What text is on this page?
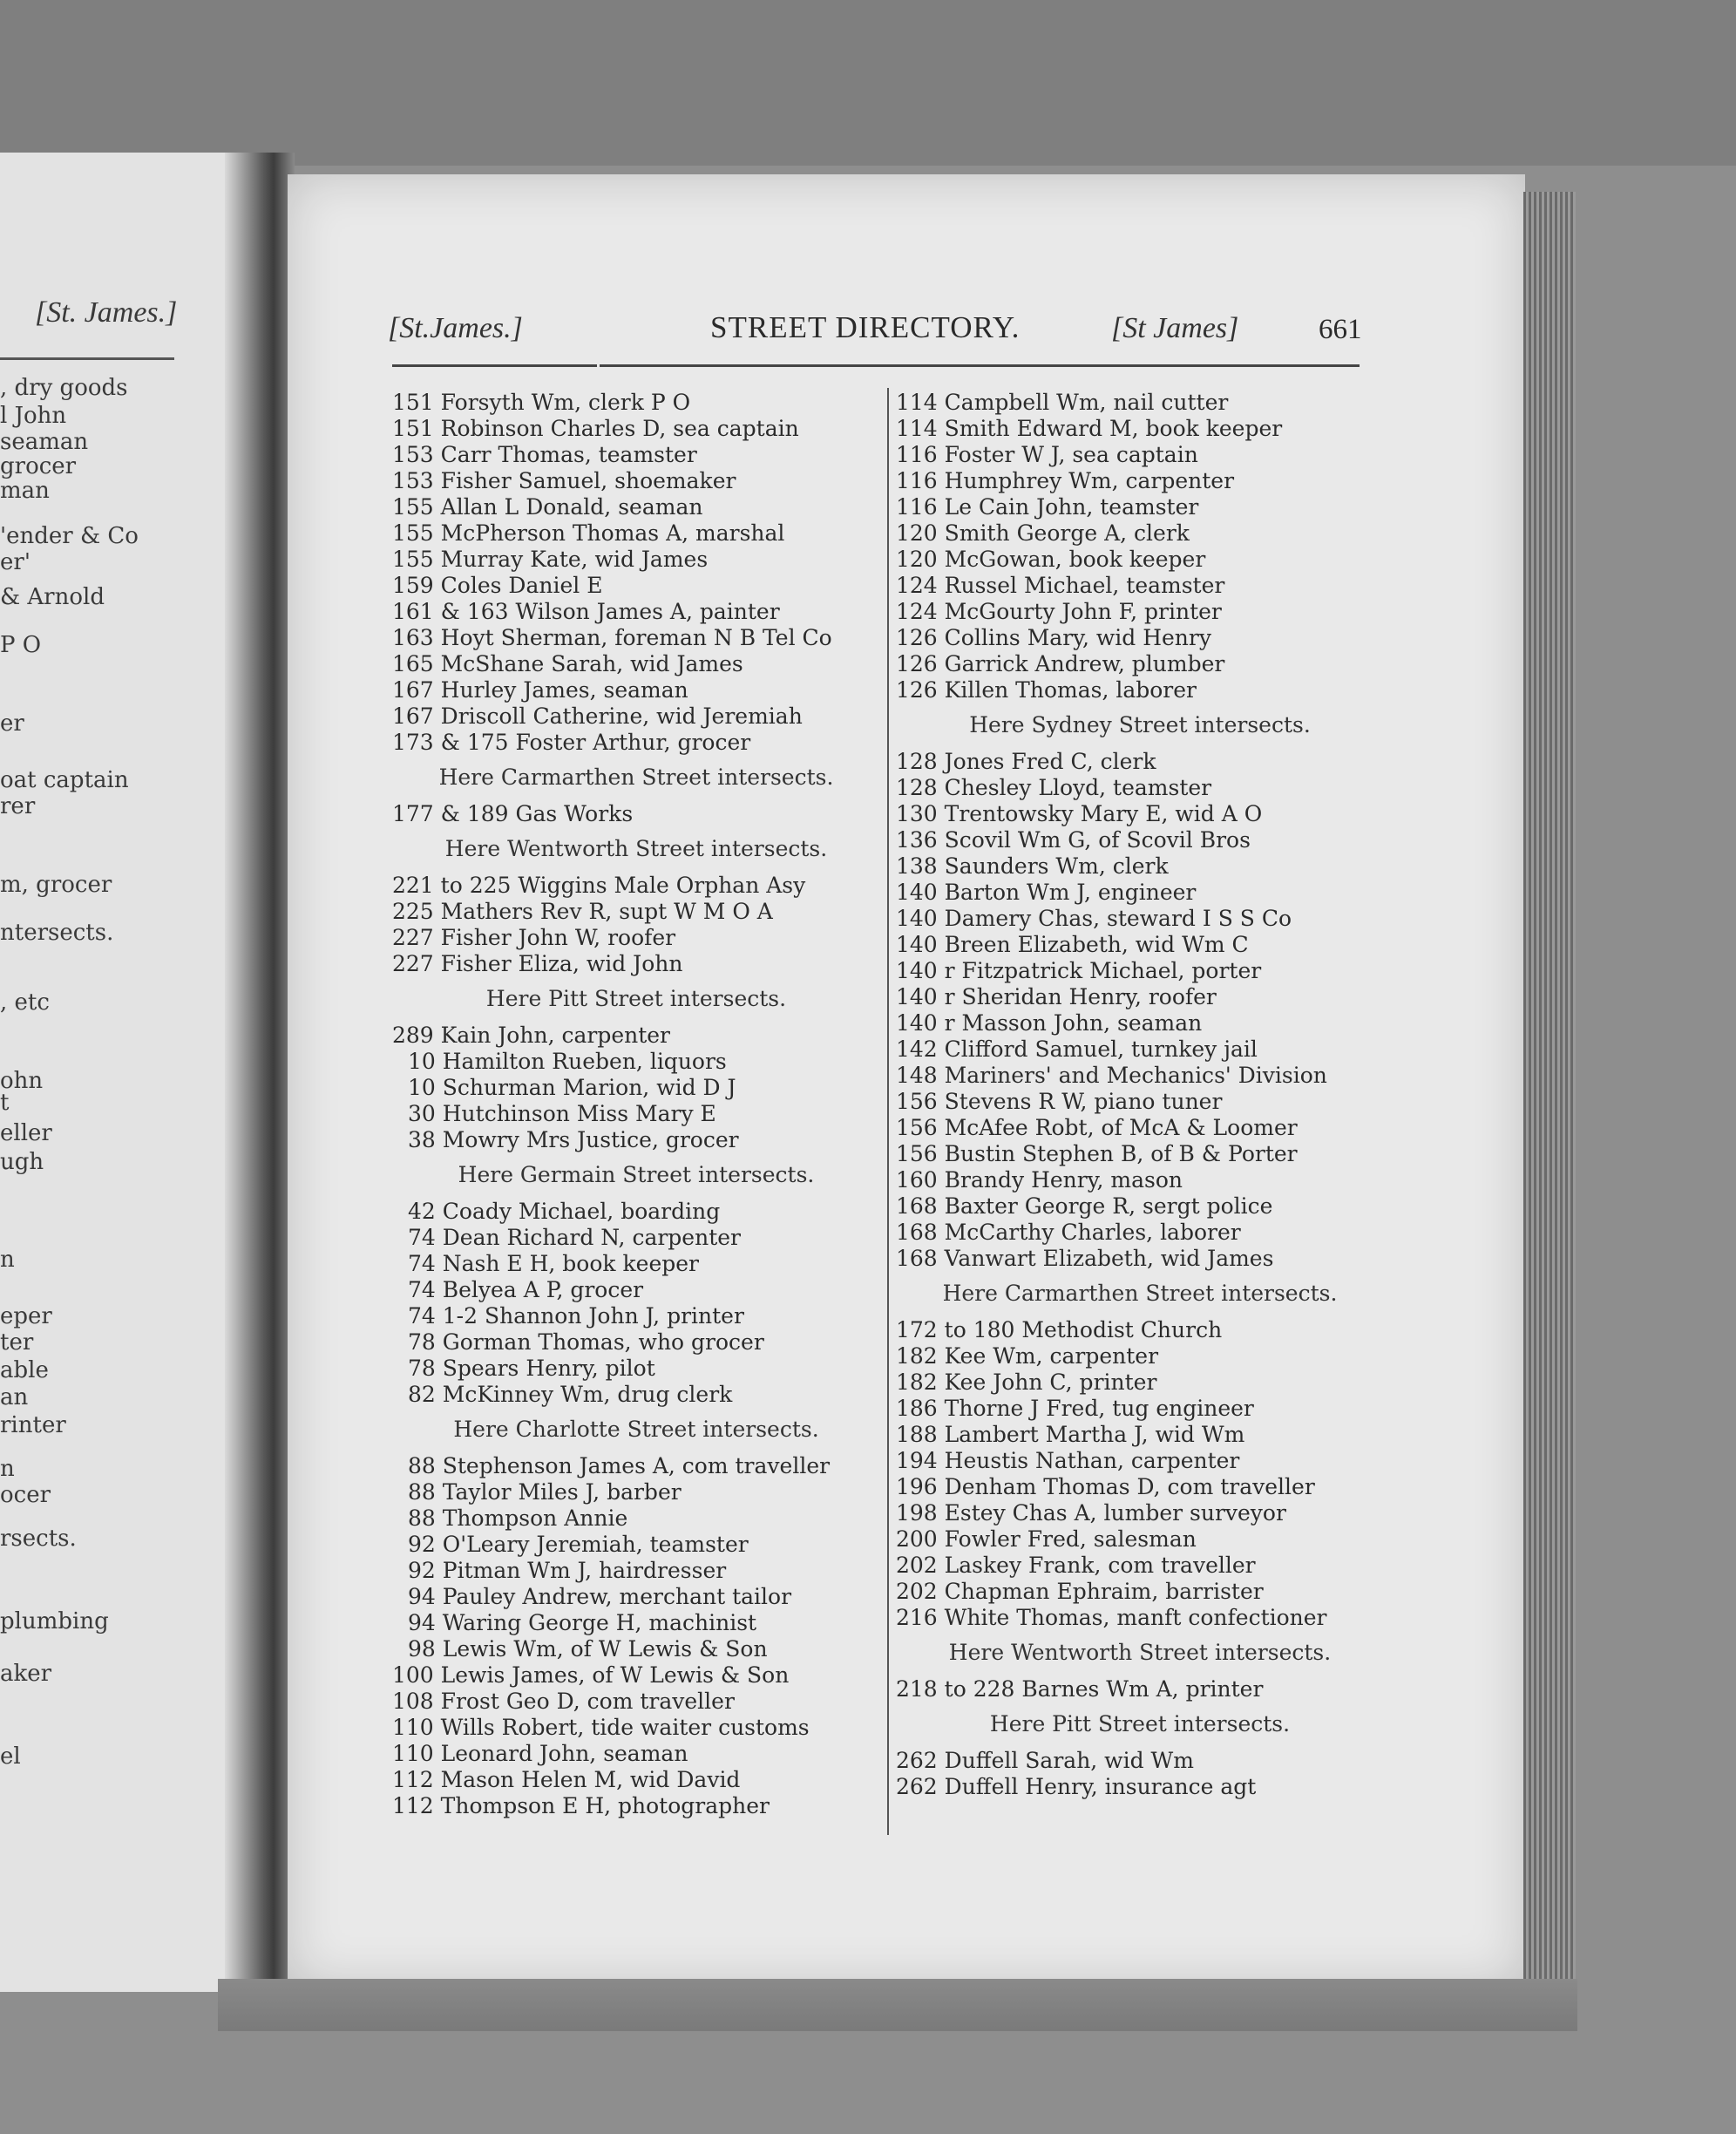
[St. James.]
, dry goods
l John
seaman
grocer
man
'ender & Co
er'
& Arnold
P O
er
oat captain
rer
m, grocer
ntersects.
, etc
ohn
t
eller
ugh
n
eper
ter
able
an
rinter
n
ocer
rsects.
plumbing
aker
el
[St.James.]	STREET DIRECTORY.	[St James]	661
151 Forsyth Wm, clerk P O
151 Robinson Charles D, sea captain
153 Carr Thomas, teamster
153 Fisher Samuel, shoemaker
155 Allan L Donald, seaman
155 McPherson Thomas A, marshal
155 Murray Kate, wid James
159 Coles Daniel E
161 & 163 Wilson James A, painter
163 Hoyt Sherman, foreman N B Tel Co
165 McShane Sarah, wid James
167 Hurley James, seaman
167 Driscoll Catherine, wid Jeremiah
173 & 175 Foster Arthur, grocer
Here Carmarthen Street intersects.
177 & 189 Gas Works
Here Wentworth Street intersects.
221 to 225 Wiggins Male Orphan Asy
225 Mathers Rev R, supt W M O A
227 Fisher John W, roofer
227 Fisher Eliza, wid John
Here Pitt Street intersects.
289 Kain John, carpenter
10 Hamilton Rueben, liquors
10 Schurman Marion, wid D J
30 Hutchinson Miss Mary E
38 Mowry Mrs Justice, grocer
Here Germain Street intersects.
42 Coady Michael, boarding
74 Dean Richard N, carpenter
74 Nash E H, book keeper
74 Belyea A P, grocer
74 1-2 Shannon John J, printer
78 Gorman Thomas, who grocer
78 Spears Henry, pilot
82 McKinney Wm, drug clerk
Here Charlotte Street intersects.
88 Stephenson James A, com traveller
88 Taylor Miles J, barber
88 Thompson Annie
92 O'Leary Jeremiah, teamster
92 Pitman Wm J, hairdresser
94 Pauley Andrew, merchant tailor
94 Waring George H, machinist
98 Lewis Wm, of W Lewis & Son
100 Lewis James, of W Lewis & Son
108 Frost Geo D, com traveller
110 Wills Robert, tide waiter customs
110 Leonard John, seaman
112 Mason Helen M, wid David
112 Thompson E H, photographer
114 Campbell Wm, nail cutter
114 Smith Edward M, book keeper
116 Foster W J, sea captain
116 Humphrey Wm, carpenter
116 Le Cain John, teamster
120 Smith George A, clerk
120 McGowan, book keeper
124 Russel Michael, teamster
124 McGourty John F, printer
126 Collins Mary, wid Henry
126 Garrick Andrew, plumber
126 Killen Thomas, laborer
Here Sydney Street intersects.
128 Jones Fred C, clerk
128 Chesley Lloyd, teamster
130 Trentowsky Mary E, wid A O
136 Scovil Wm G, of Scovil Bros
138 Saunders Wm, clerk
140 Barton Wm J, engineer
140 Damery Chas, steward I S S Co
140 Breen Elizabeth, wid Wm C
140 r Fitzpatrick Michael, porter
140 r Sheridan Henry, roofer
140 r Masson John, seaman
142 Clifford Samuel, turnkey jail
148 Mariners' and Mechanics' Division
156 Stevens R W, piano tuner
156 McAfee Robt, of McA & Loomer
156 Bustin Stephen B, of B & Porter
160 Brandy Henry, mason
168 Baxter George R, sergt police
168 McCarthy Charles, laborer
168 Vanwart Elizabeth, wid James
Here Carmarthen Street intersects.
172 to 180 Methodist Church
182 Kee Wm, carpenter
182 Kee John C, printer
186 Thorne J Fred, tug engineer
188 Lambert Martha J, wid Wm
194 Heustis Nathan, carpenter
196 Denham Thomas D, com traveller
198 Estey Chas A, lumber surveyor
200 Fowler Fred, salesman
202 Laskey Frank, com traveller
202 Chapman Ephraim, barrister
216 White Thomas, manft confectioner
Here Wentworth Street intersects.
218 to 228 Barnes Wm A, printer
Here Pitt Street intersects.
262 Duffell Sarah, wid Wm
262 Duffell Henry, insurance agt
